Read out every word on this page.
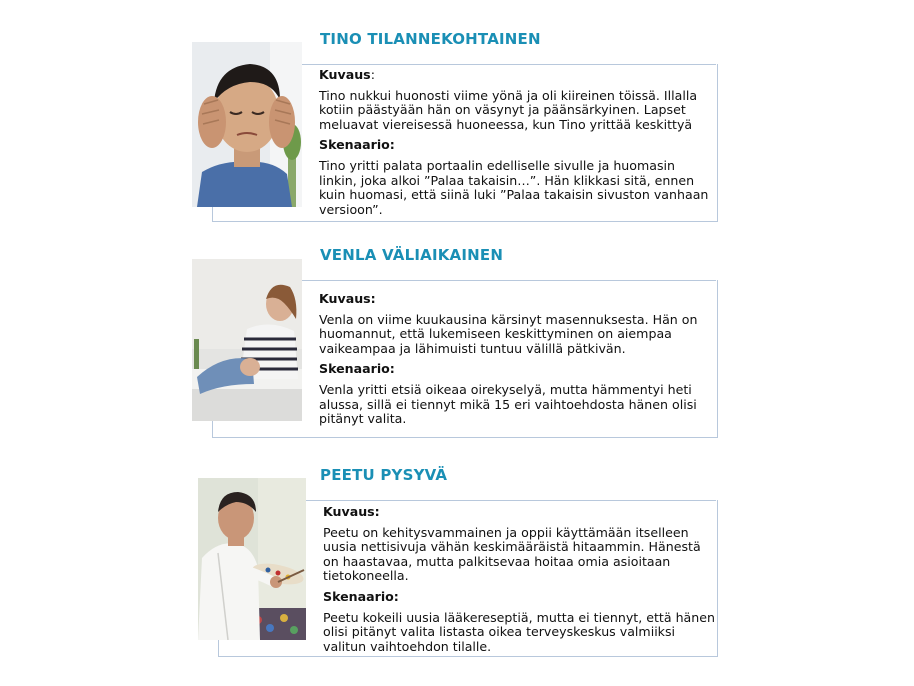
TINO TILANNEKOHTAINEN
Kuvaus:
Tino nukkui huonosti viime yönä ja oli kiireinen töissä. Illalla kotiin päästyään hän on väsynyt ja päänsärkyinen. Lapset meluavat viereisessä huoneessa, kun Tino yrittää keskittyä
Skenaario:
Tino yritti palata portaalin edelliselle sivulle ja huomasin linkin, joka alkoi ”Palaa takaisin…”. Hän klikkasi sitä, ennen kuin huomasi, että siinä luki ”Palaa takaisin sivuston vanhaan versioon”.
VENLA VÄLIAIKAINEN
Kuvaus:
Venla on viime kuukausina kärsinyt masennuksesta. Hän on huomannut, että lukemiseen keskittyminen on aiempaa vaikeampaa ja lähimuisti tuntuu välillä pätkivän.
Skenaario:
Venla yritti etsiä oikeaa oirekyselyä, mutta hämmentyi heti alussa, sillä ei tiennyt mikä 15 eri vaihtoehdosta hänen olisi pitänyt valita.
PEETU PYSYVÄ
Kuvaus:
Peetu on kehitysvammainen ja oppii käyttämään itselleen uusia nettisivuja vähän keskimääräistä hitaammin. Hänestä on haastavaa, mutta palkitsevaa hoitaa omia asioitaan tietokoneella.
Skenaario:
Peetu kokeili uusia lääkereseptiä, mutta ei tiennyt, että hänen olisi pitänyt valita listasta oikea terveyskeskus valmiiksi valitun vaihtoehdon tilalle.
